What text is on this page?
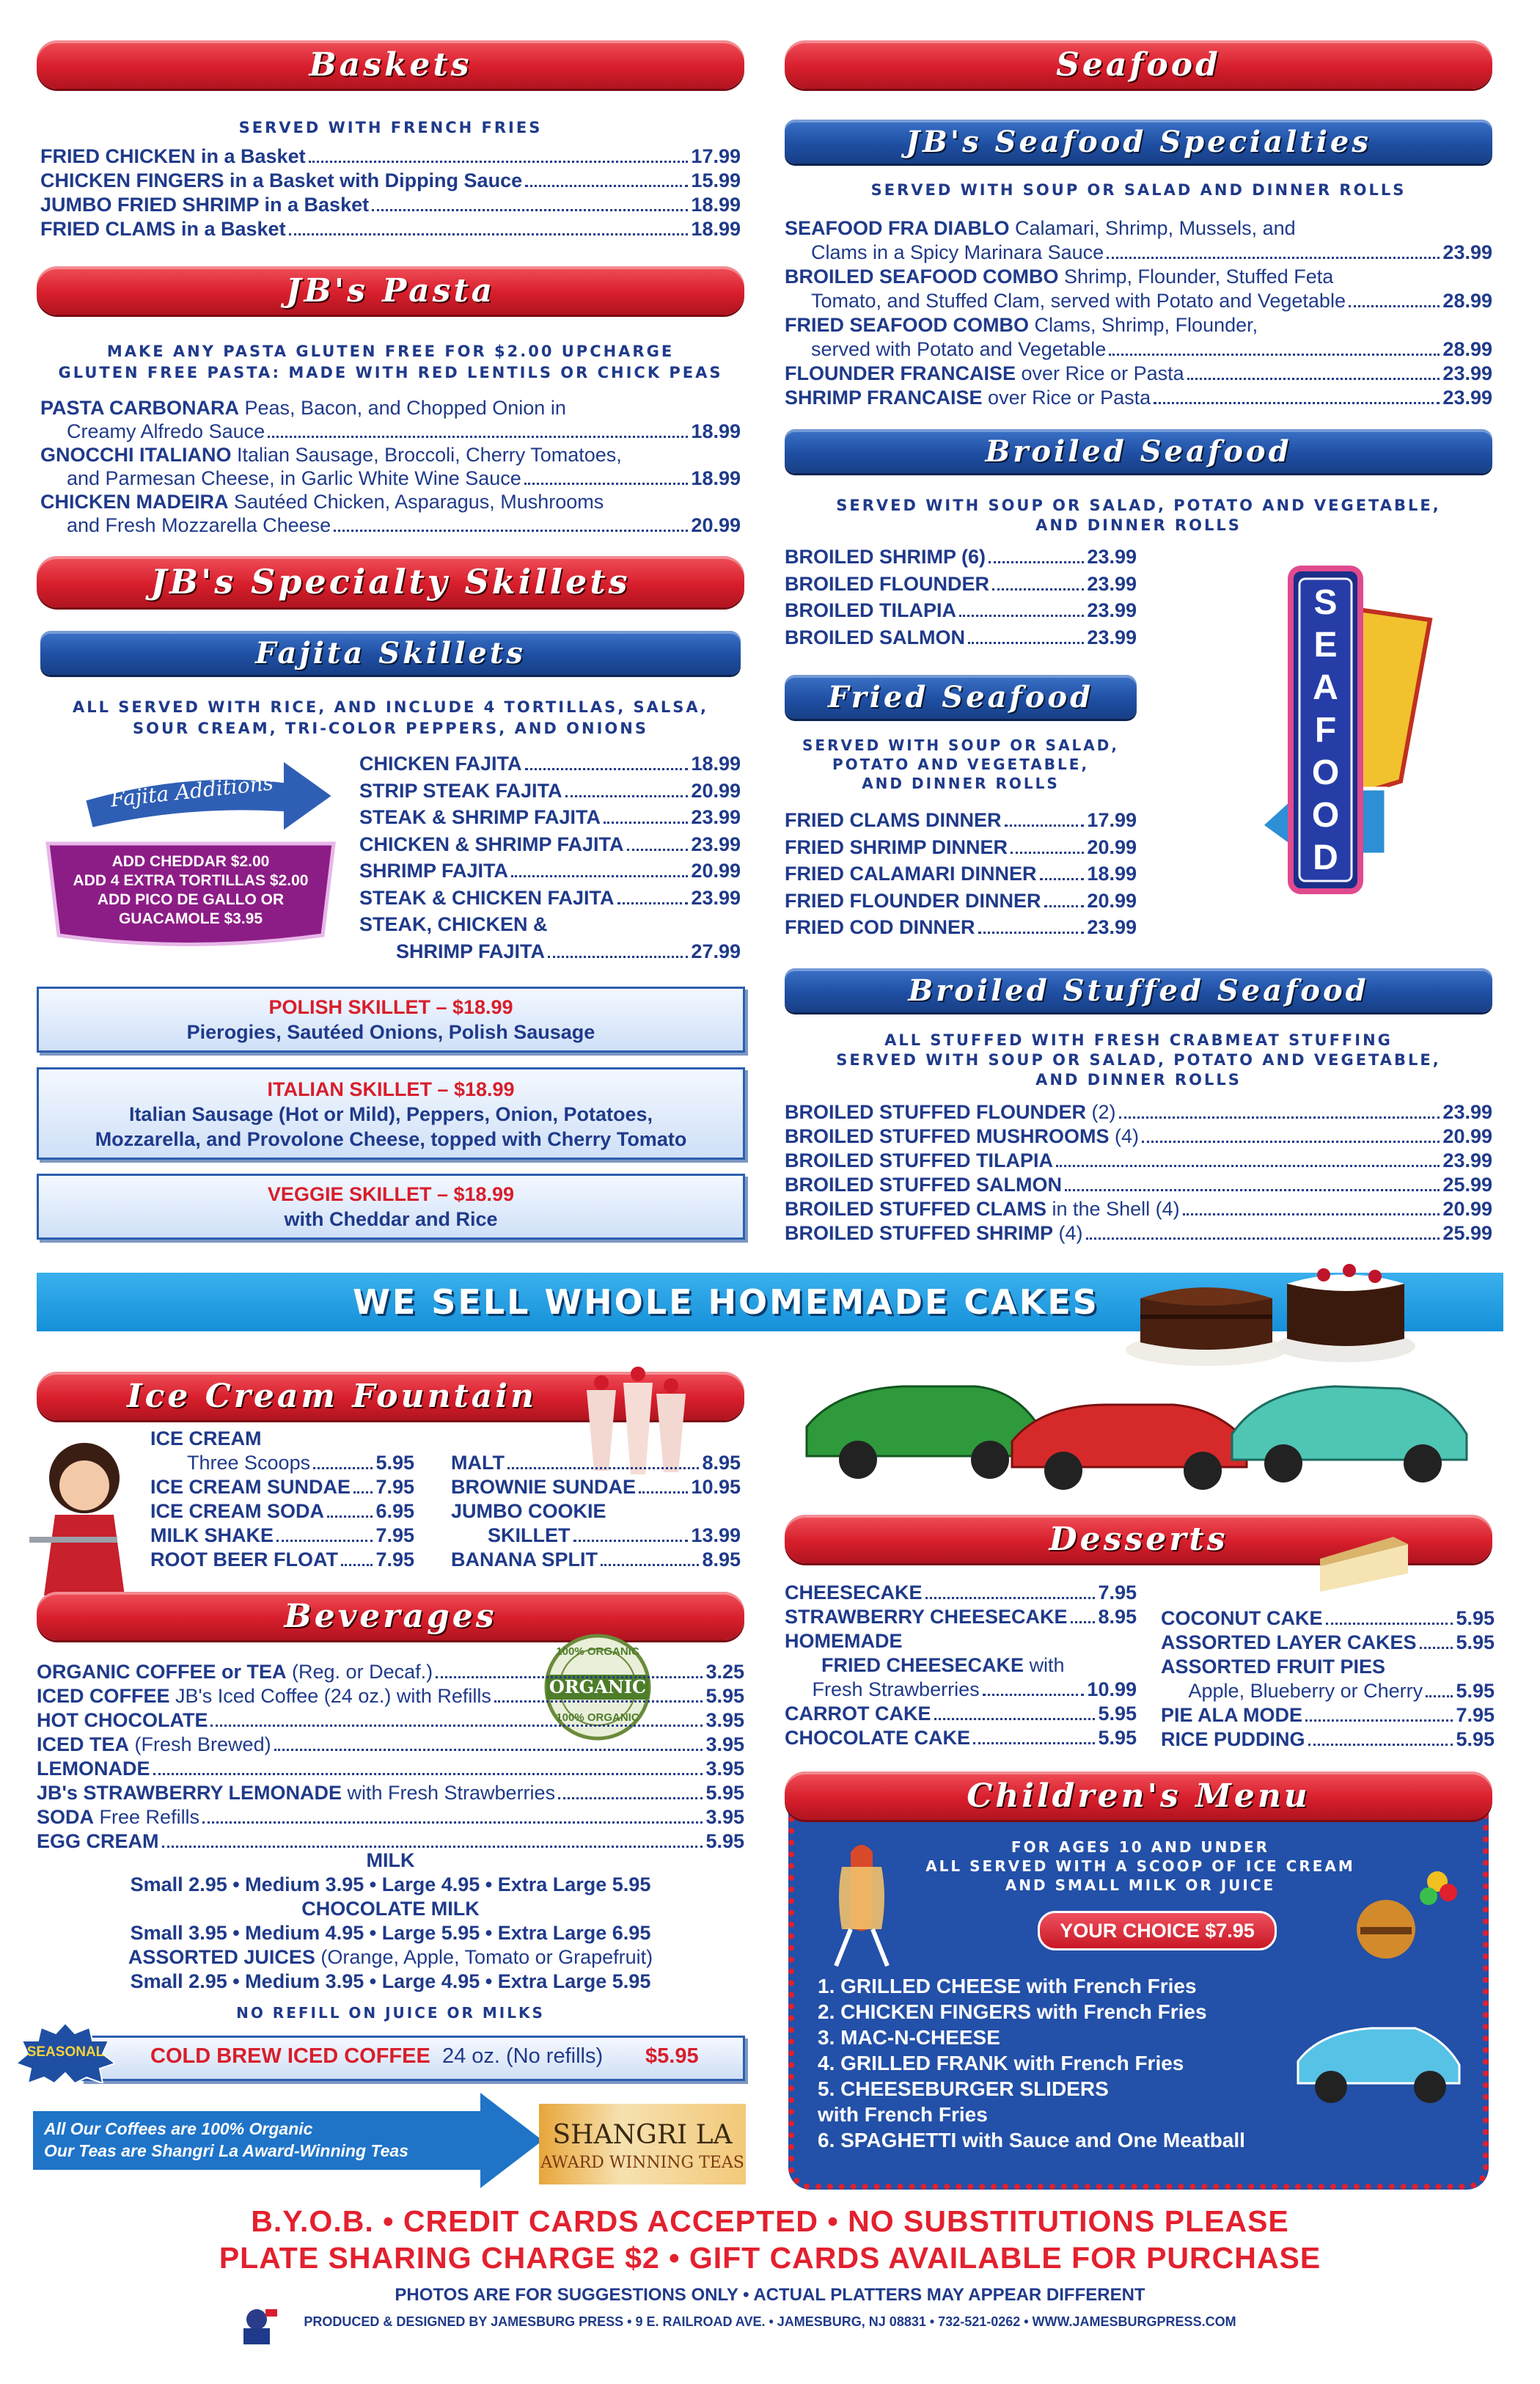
Baskets
SERVED WITH FRENCH FRIES
FRIED CHICKEN in a Basket	17.99
CHICKEN FINGERS in a Basket with Dipping Sauce	15.99
JUMBO FRIED SHRIMP in a Basket	18.99
FRIED CLAMS in a Basket	18.99
JB's Pasta
MAKE ANY PASTA GLUTEN FREE FOR $2.00 UPCHARGE
GLUTEN FREE PASTA: MADE WITH RED LENTILS OR CHICK PEAS
PASTA CARBONARA Peas, Bacon, and Chopped Onion in
Creamy Alfredo Sauce	18.99
GNOCCHI ITALIANO Italian Sausage, Broccoli, Cherry Tomatoes,
and Parmesan Cheese, in Garlic White Wine Sauce	18.99
CHICKEN MADEIRA Sautéed Chicken, Asparagus, Mushrooms
and Fresh Mozzarella Cheese	20.99
JB's Specialty Skillets
Fajita Skillets
ALL SERVED WITH RICE, AND INCLUDE 4 TORTILLAS, SALSA,
SOUR CREAM, TRI-COLOR PEPPERS, AND ONIONS
Fajita Additions
ADD CHEDDAR $2.00
ADD 4 EXTRA TORTILLAS $2.00
ADD PICO DE GALLO OR
GUACAMOLE $3.95
CHICKEN FAJITA	18.99
STRIP STEAK FAJITA	20.99
STEAK & SHRIMP FAJITA	23.99
CHICKEN & SHRIMP FAJITA	23.99
SHRIMP FAJITA	20.99
STEAK & CHICKEN FAJITA	23.99
STEAK, CHICKEN &
SHRIMP FAJITA	27.99
POLISH SKILLET – $18.99
Pierogies, Sautéed Onions, Polish Sausage
ITALIAN SKILLET – $18.99
Italian Sausage (Hot or Mild), Peppers, Onion, Potatoes,
Mozzarella, and Provolone Cheese, topped with Cherry Tomato
VEGGIE SKILLET – $18.99
with Cheddar and Rice
Seafood
JB's Seafood Specialties
SERVED WITH SOUP OR SALAD AND DINNER ROLLS
SEAFOOD FRA DIABLO Calamari, Shrimp, Mussels, and
Clams in a Spicy Marinara Sauce	23.99
BROILED SEAFOOD COMBO Shrimp, Flounder, Stuffed Feta
Tomato, and Stuffed Clam, served with Potato and Vegetable	28.99
FRIED SEAFOOD COMBO Clams, Shrimp, Flounder,
served with Potato and Vegetable	28.99
FLOUNDER FRANCAISE
over Rice or Pasta	23.99
SHRIMP FRANCAISE
over Rice or Pasta	23.99
Broiled Seafood
SERVED WITH SOUP OR SALAD, POTATO AND VEGETABLE,
AND DINNER ROLLS
BROILED SHRIMP (6)	23.99
BROILED FLOUNDER	23.99
BROILED TILAPIA	23.99
BROILED SALMON	23.99
S
E
A
F
O
O
D
Fried Seafood
SERVED WITH SOUP OR SALAD,
POTATO AND VEGETABLE,
AND DINNER ROLLS
FRIED CLAMS DINNER	17.99
FRIED SHRIMP DINNER	20.99
FRIED CALAMARI DINNER	18.99
FRIED FLOUNDER DINNER 20.99
FRIED COD DINNER	23.99
Broiled Stuffed Seafood
ALL STUFFED WITH FRESH CRABMEAT STUFFING
SERVED WITH SOUP OR SALAD, POTATO AND VEGETABLE,
AND DINNER ROLLS
BROILED STUFFED FLOUNDER
(2)	23.99
BROILED STUFFED MUSHROOMS
(4)	20.99
BROILED STUFFED TILAPIA	23.99
BROILED STUFFED SALMON	25.99
BROILED STUFFED CLAMS
in the Shell (4)	20.99
BROILED STUFFED SHRIMP
(4)	25.99
WE SELL WHOLE HOMEMADE CAKES
Ice Cream Fountain
ICE CREAM
Three Scoops	5.95
ICE CREAM SUNDAE 7.95
ICE CREAM SODA	6.95
MILK SHAKE	7.95
ROOT BEER FLOAT 7.95
MALT	8.95
BROWNIE SUNDAE	10.95
JUMBO COOKIE
SKILLET	13.99
BANANA SPLIT	8.95
Beverages
ORGANIC
100% ORGANIC
100% ORGANIC
ORGANIC COFFEE or TEA
(Reg. or Decaf.)	3.25
ICED COFFEE
JB's Iced Coffee (24 oz.) with Refills	5.95
HOT CHOCOLATE	3.95
ICED TEA
(Fresh Brewed)	3.95
LEMONADE	3.95
JB's STRAWBERRY LEMONADE
with Fresh Strawberries	5.95
SODA
Free Refills	3.95
EGG CREAM	5.95
MILK
Small 2.95 • Medium 3.95 • Large 4.95 • Extra Large 5.95
CHOCOLATE MILK
Small 3.95 • Medium 4.95 • Large 5.95 • Extra Large 6.95
ASSORTED JUICES (Orange, Apple, Tomato or Grapefruit)
Small 2.95 • Medium 3.95 • Large 4.95 • Extra Large 5.95
NO REFILL ON JUICE OR MILKS
SEASONAL	COLD BREW ICED COFFEE 24 oz. (No refills) $5.95
All Our Coffees are 100% Organic
Our Teas are Shangri La Award-Winning Teas
SHANGRI LA
AWARD WINNING TEAS
Desserts
CHEESECAKE	7.95
STRAWBERRY CHEESECAKE 8.95
HOMEMADE
FRIED CHEESECAKE
with

Fresh Strawberries	10.99
CARROT CAKE	5.95
CHOCOLATE CAKE	5.95
COCONUT CAKE	5.95
ASSORTED LAYER CAKES 5.95
ASSORTED FRUIT PIES

Apple, Blueberry or Cherry 5.95
PIE ALA MODE	7.95
RICE PUDDING	5.95
Children's Menu
FOR AGES 10 AND UNDER
ALL SERVED WITH A SCOOP OF ICE CREAM
AND SMALL MILK OR JUICE
YOUR CHOICE $7.95
1. GRILLED CHEESE with French Fries
2. CHICKEN FINGERS with French Fries
3. MAC-N-CHEESE
4. GRILLED FRANK with French Fries
5. CHEESEBURGER SLIDERS
with French Fries
6. SPAGHETTI with Sauce and One Meatball
B.Y.O.B. • CREDIT CARDS ACCEPTED • NO SUBSTITUTIONS PLEASE
PLATE SHARING CHARGE $2 • GIFT CARDS AVAILABLE FOR PURCHASE
PHOTOS ARE FOR SUGGESTIONS ONLY • ACTUAL PLATTERS MAY APPEAR DIFFERENT
PRODUCED & DESIGNED BY JAMESBURG PRESS • 9 E. RAILROAD AVE. • JAMESBURG, NJ 08831 • 732-521-0262 • WWW.JAMESBURGPRESS.COM
